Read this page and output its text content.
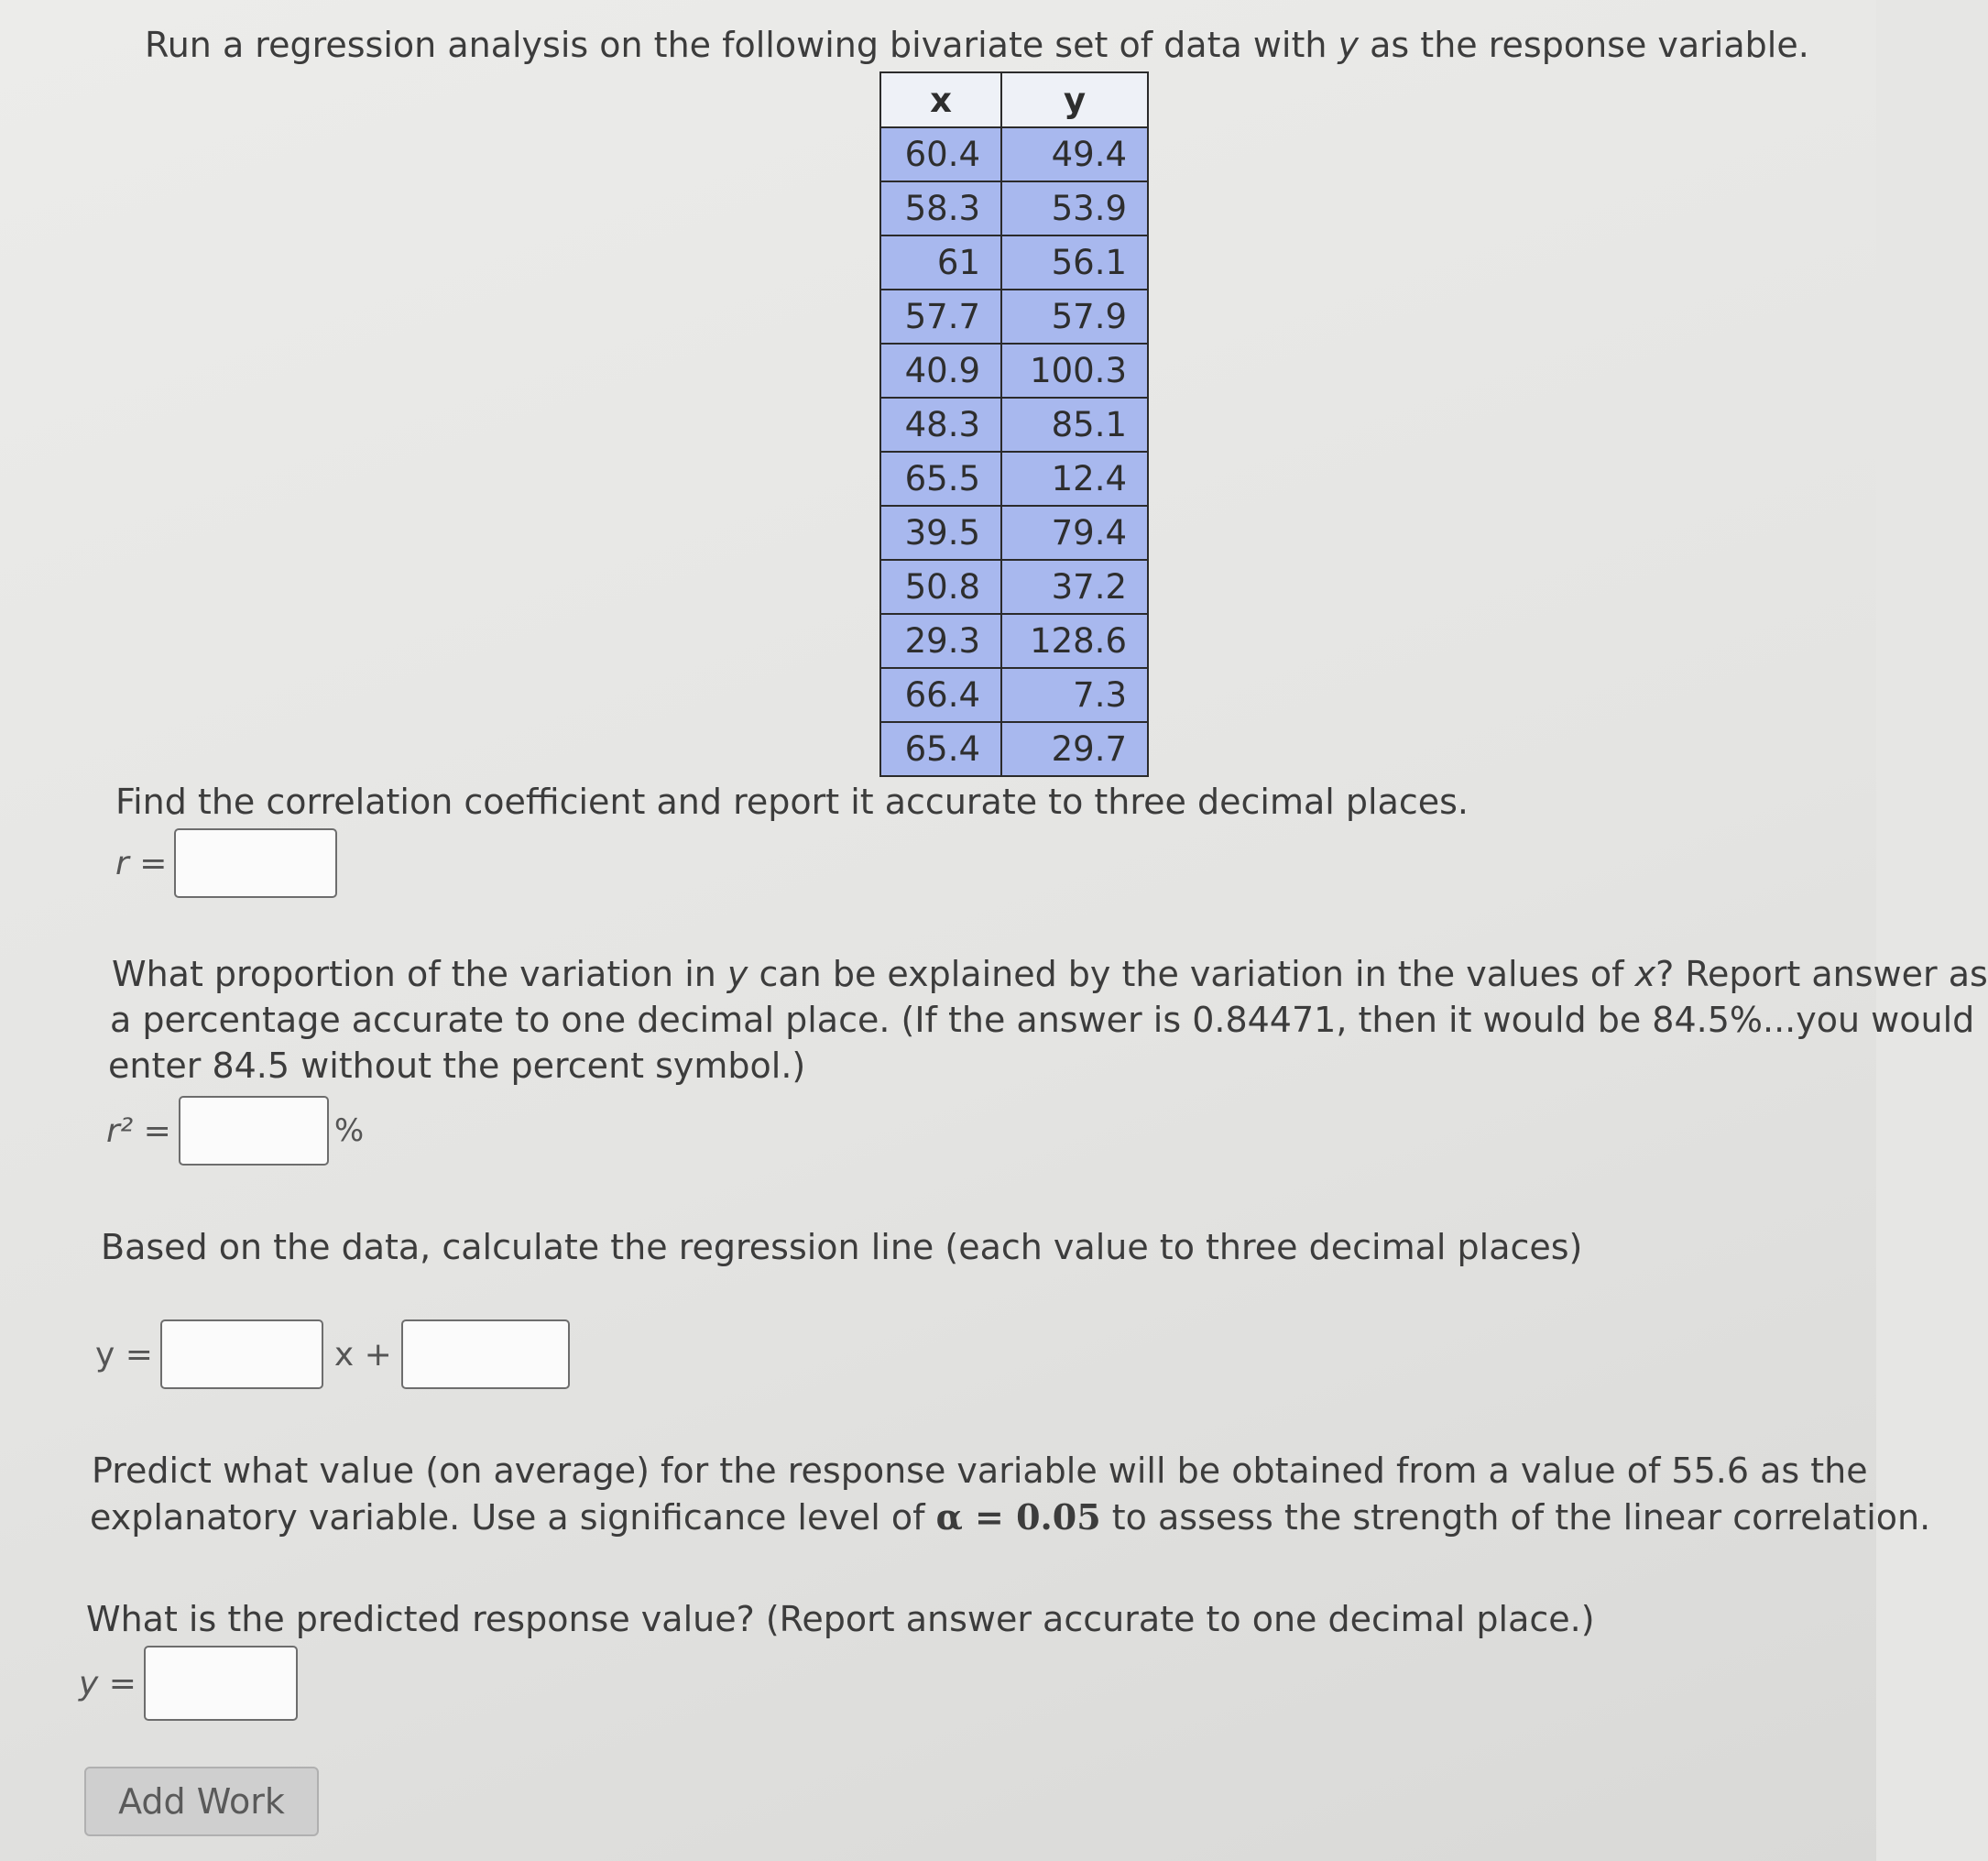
Run a regression analysis on the following bivariate set of data with y as the response variable.
x	y
60.4	49.4
58.3	53.9
61	56.1
57.7	57.9
40.9	100.3
48.3	85.1
65.5	12.4
39.5	79.4
50.8	37.2
29.3	128.6
66.4	7.3
65.4	29.7
Find the correlation coefficient and report it accurate to three decimal places.
r =
What proportion of the variation in y can be explained by the variation in the values of x? Report answer as
a percentage accurate to one decimal place. (If the answer is 0.84471, then it would be 84.5%...you would
enter 84.5 without the percent symbol.)
r² =	%
Based on the data, calculate the regression line (each value to three decimal places)
y =	x +
Predict what value (on average) for the response variable will be obtained from a value of 55.6 as the
explanatory variable. Use a significance level of α = 0.05 to assess the strength of the linear correlation.
What is the predicted response value? (Report answer accurate to one decimal place.)
y =
Add Work
